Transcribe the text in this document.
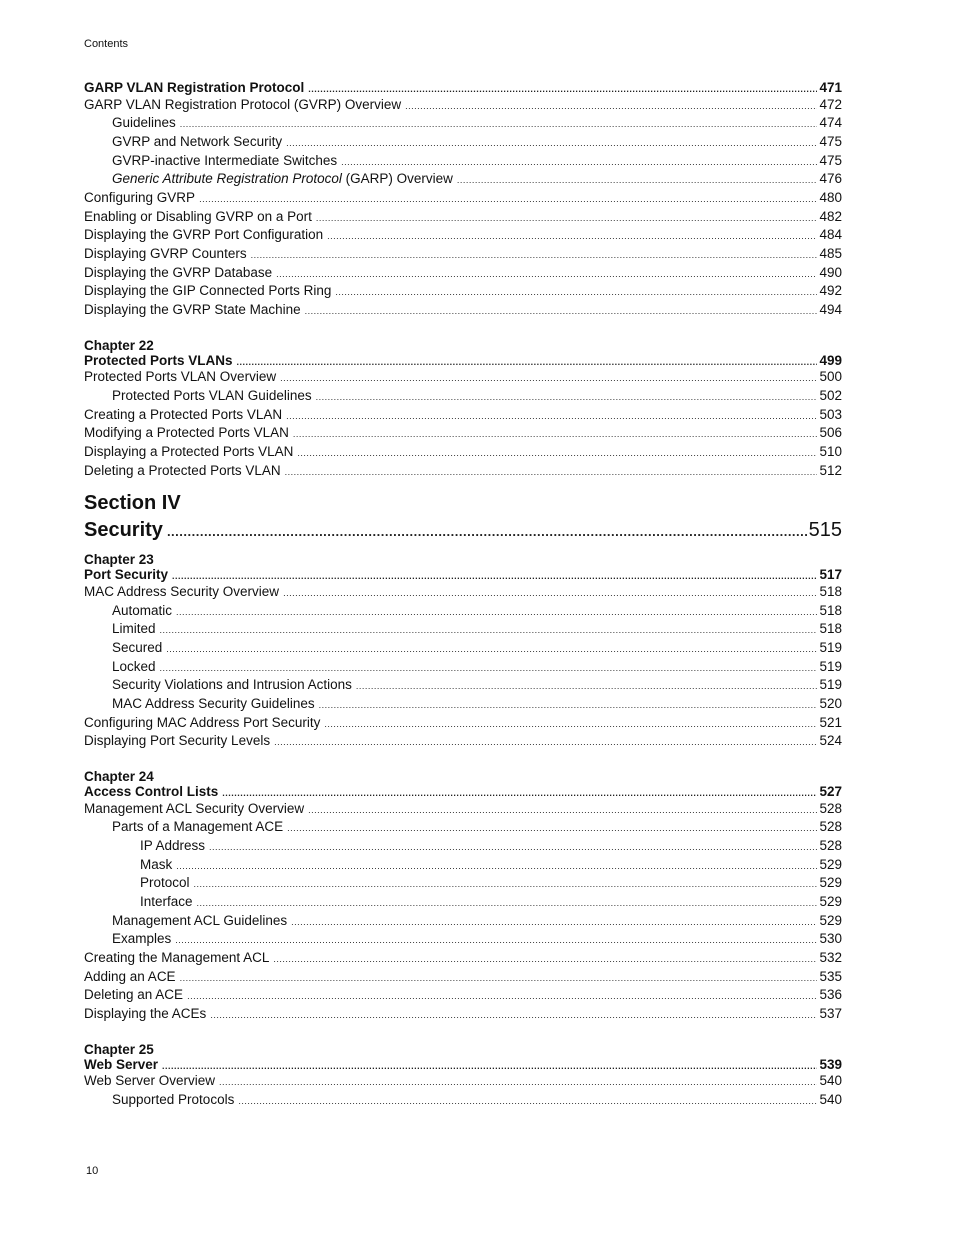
Contents
GARP VLAN Registration Protocol .....	471
GARP VLAN Registration Protocol (GVRP) Overview .....	472
Guidelines .....	474
GVRP and Network Security .....	475
GVRP-inactive Intermediate Switches .....	475
Generic Attribute Registration Protocol (GARP) Overview .....	476
Configuring GVRP .....	480
Enabling or Disabling GVRP on a Port .....	482
Displaying the GVRP Port Configuration .....	484
Displaying GVRP Counters .....	485
Displaying the GVRP Database .....	490
Displaying the GIP Connected Ports Ring .....	492
Displaying the GVRP State Machine .....	494
Chapter 22
Protected Ports VLANs .....	499
Protected Ports VLAN Overview .....	500
Protected Ports VLAN Guidelines .....	502
Creating a Protected Ports VLAN .....	503
Modifying a Protected Ports VLAN .....	506
Displaying a Protected Ports VLAN .....	510
Deleting a Protected Ports VLAN .....	512
Section IV
Security .....	515
Chapter 23
Port Security .....	517
MAC Address Security Overview .....	518
Automatic .....	518
Limited .....	518
Secured .....	519
Locked .....	519
Security Violations and Intrusion Actions .....	519
MAC Address Security Guidelines .....	520
Configuring MAC Address Port Security .....	521
Displaying Port Security Levels .....	524
Chapter 24
Access Control Lists .....	527
Management ACL Security Overview .....	528
Parts of a Management ACE .....	528
IP Address .....	528
Mask .....	529
Protocol .....	529
Interface .....	529
Management ACL Guidelines .....	529
Examples .....	530
Creating the Management ACL .....	532
Adding an ACE .....	535
Deleting an ACE .....	536
Displaying the ACEs .....	537
Chapter 25
Web Server .....	539
Web Server Overview .....	540
Supported Protocols .....	540
10
